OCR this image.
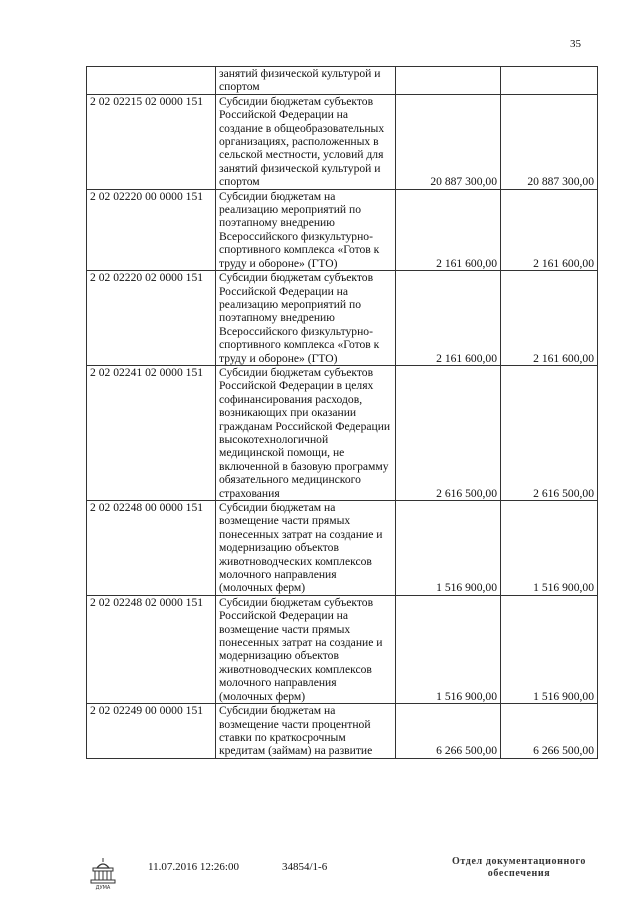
35
	занятий физической культурой и спортом		
2 02 02215 02 0000 151	Субсидии бюджетам субъектов Российской Федерации на создание в общеобразовательных организациях, расположенных в сельской местности, условий для занятий физической культурой и спортом	20 887 300,00	20 887 300,00
2 02 02220 00 0000 151	Субсидии бюджетам на реализацию мероприятий по поэтапному внедрению Всероссийского физкультурно-спортивного комплекса «Готов к труду и обороне» (ГТО)	2 161 600,00	2 161 600,00
2 02 02220 02 0000 151	Субсидии бюджетам субъектов Российской Федерации на реализацию мероприятий по поэтапному внедрению Всероссийского физкультурно-спортивного комплекса «Готов к труду и обороне» (ГТО)	2 161 600,00	2 161 600,00
2 02 02241 02 0000 151	Субсидии бюджетам субъектов Российской Федерации в целях софинансирования расходов, возникающих при оказании гражданам Российской Федерации высокотехнологичной медицинской помощи, не включенной в базовую программу обязательного медицинского страхования	2 616 500,00	2 616 500,00
2 02 02248 00 0000 151	Субсидии бюджетам на возмещение части прямых понесенных затрат на создание и модернизацию объектов животноводческих комплексов молочного направления (молочных ферм)	1 516 900,00	1 516 900,00
2 02 02248 02 0000 151	Субсидии бюджетам субъектов Российской Федерации на возмещение части прямых понесенных затрат на создание и модернизацию объектов животноводческих комплексов молочного направления (молочных ферм)	1 516 900,00	1 516 900,00
2 02 02249 00 0000 151	Субсидии бюджетам на возмещение части процентной ставки по краткосрочным кредитам (займам) на развитие	6 266 500,00	6 266 500,00
ДУМА
11.07.2016 12:26:00	34854/1-6	Отдел документационного
обеспечения
